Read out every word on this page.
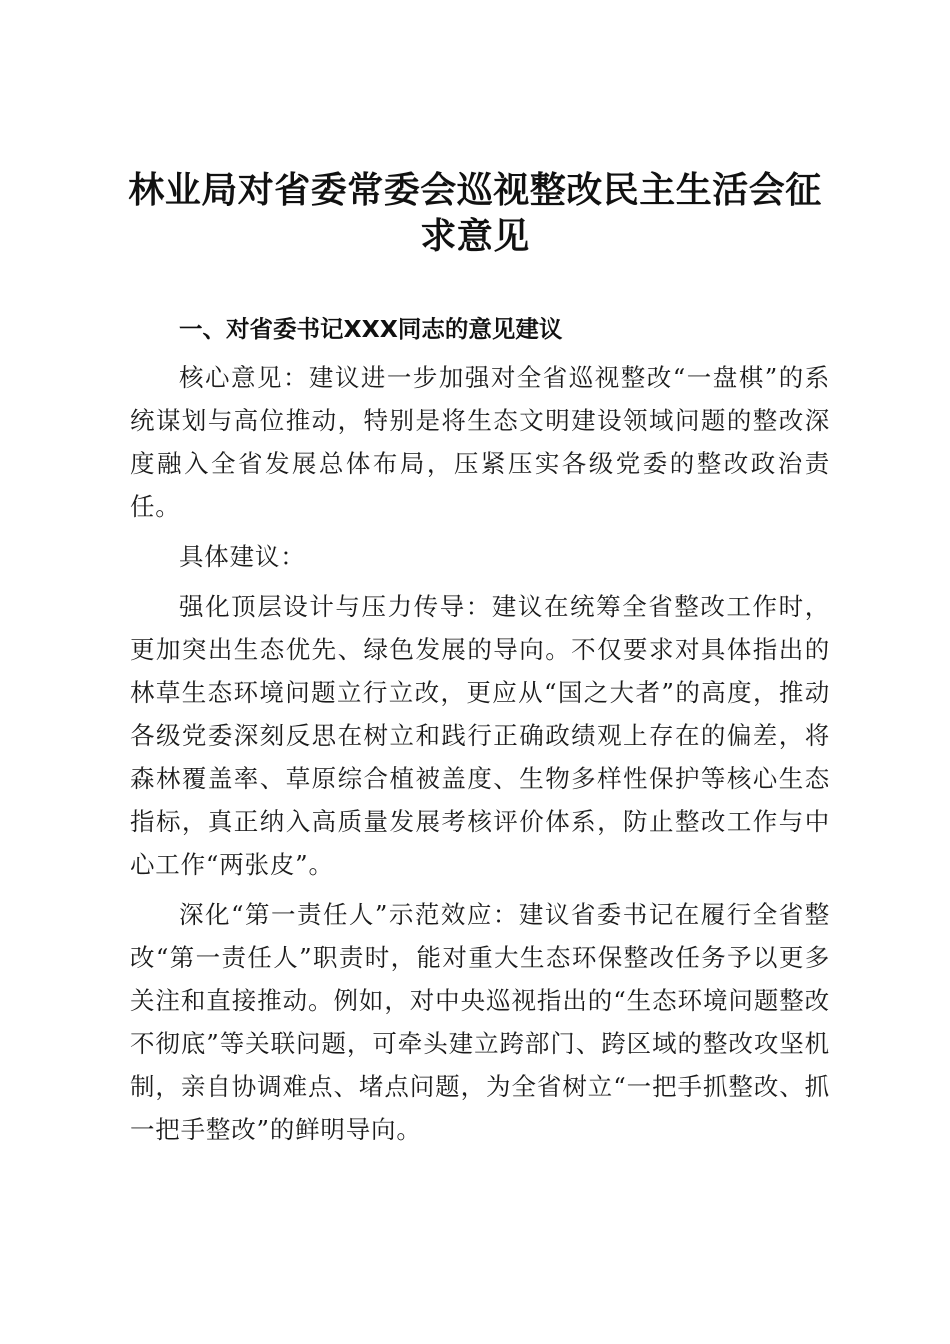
林业局对省委常委会巡视整改民主生活会征求意见

一、对省委书记XXX同志的意见建议

核心意见：建议进一步加强对全省巡视整改“一盘棋”的系统谋划与高位推动，特别是将生态文明建设领域问题的整改深度融入全省发展总体布局，压紧压实各级党委的整改政治责任。

具体建议：

强化顶层设计与压力传导：建议在统筹全省整改工作时，更加突出生态优先、绿色发展的导向。不仅要求对具体指出的林草生态环境问题立行立改，更应从“国之大者”的高度，推动各级党委深刻反思在树立和践行正确政绩观上存在的偏差，将森林覆盖率、草原综合植被盖度、生物多样性保护等核心生态指标，真正纳入高质量发展考核评价体系，防止整改工作与中心工作“两张皮”。

深化“第一责任人”示范效应：建议省委书记在履行全省整改“第一责任人”职责时，能对重大生态环保整改任务予以更多关注和直接推动。例如，对中央巡视指出的“生态环境问题整改不彻底”等关联问题，可牵头建立跨部门、跨区域的整改攻坚机制，亲自协调难点、堵点问题，为全省树立“一把手抓整改、抓一把手整改”的鲜明导向。
